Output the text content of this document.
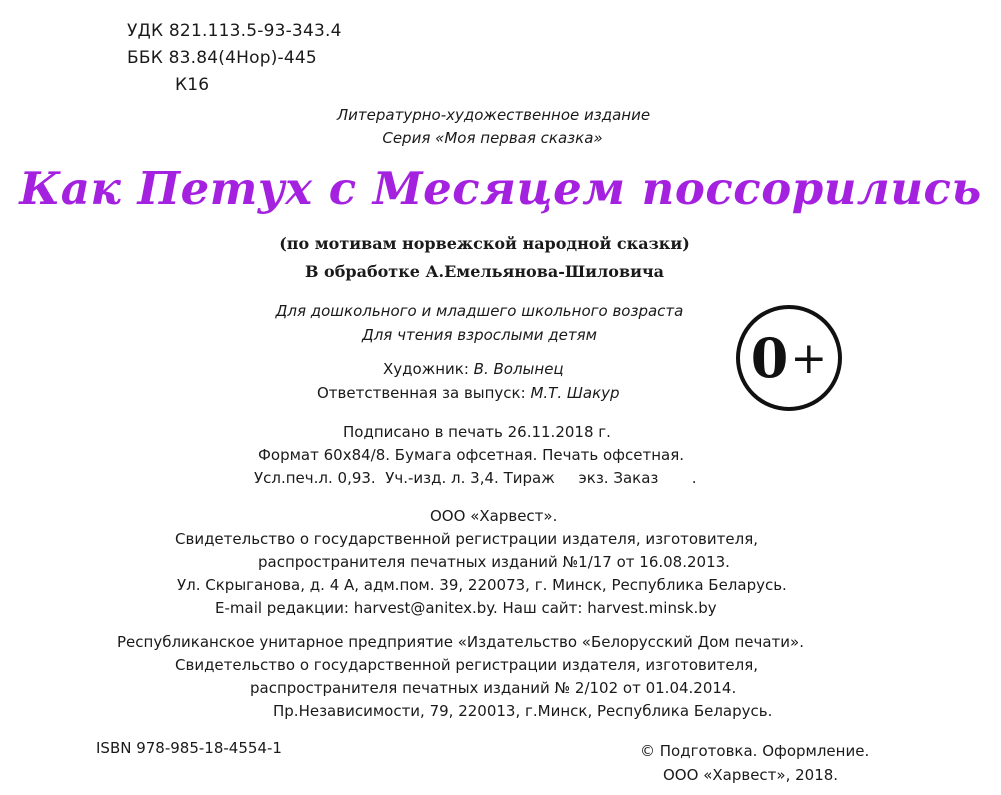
УДК 821.113.5-93-343.4
ББК 83.84(4Нор)-445
К16
Литературно-художественное издание
Серия «Моя первая сказка»
Как Петух с Месяцем поссорились
(по мотивам норвежской народной сказки)
В обработке А.Емельянова-Шиловича
Для дошкольного и младшего школьного возраста
Для чтения взрослыми детям	0 +
Художник: В. Волынец
Ответственная за выпуск: М.Т. Шакур
Подписано в печать 26.11.2018 г.
Формат 60x84/8. Бумага офсетная. Печать офсетная.
Усл.печ.л. 0,93.  Уч.-изд. л. 3,4. Тираж     экз. Заказ       .
ООО «Харвест».
Свидетельство о государственной регистрации издателя, изготовителя,
распространителя печатных изданий №1/17 от 16.08.2013.
Ул. Скрыганова, д. 4 А, адм.пом. 39, 220073, г. Минск, Республика Беларусь.
E-mail редакции: harvest@anitex.by. Наш сайт: harvest.minsk.by
Республиканское унитарное предприятие «Издательство «Белорусский Дом печати».
Свидетельство о государственной регистрации издателя, изготовителя,
распространителя печатных изданий № 2/102 от 01.04.2014.
Пр.Независимости, 79, 220013, г.Минск, Республика Беларусь.
ISBN 978-985-18-4554-1	© Подготовка. Оформление.
ООО «Харвест», 2018.
